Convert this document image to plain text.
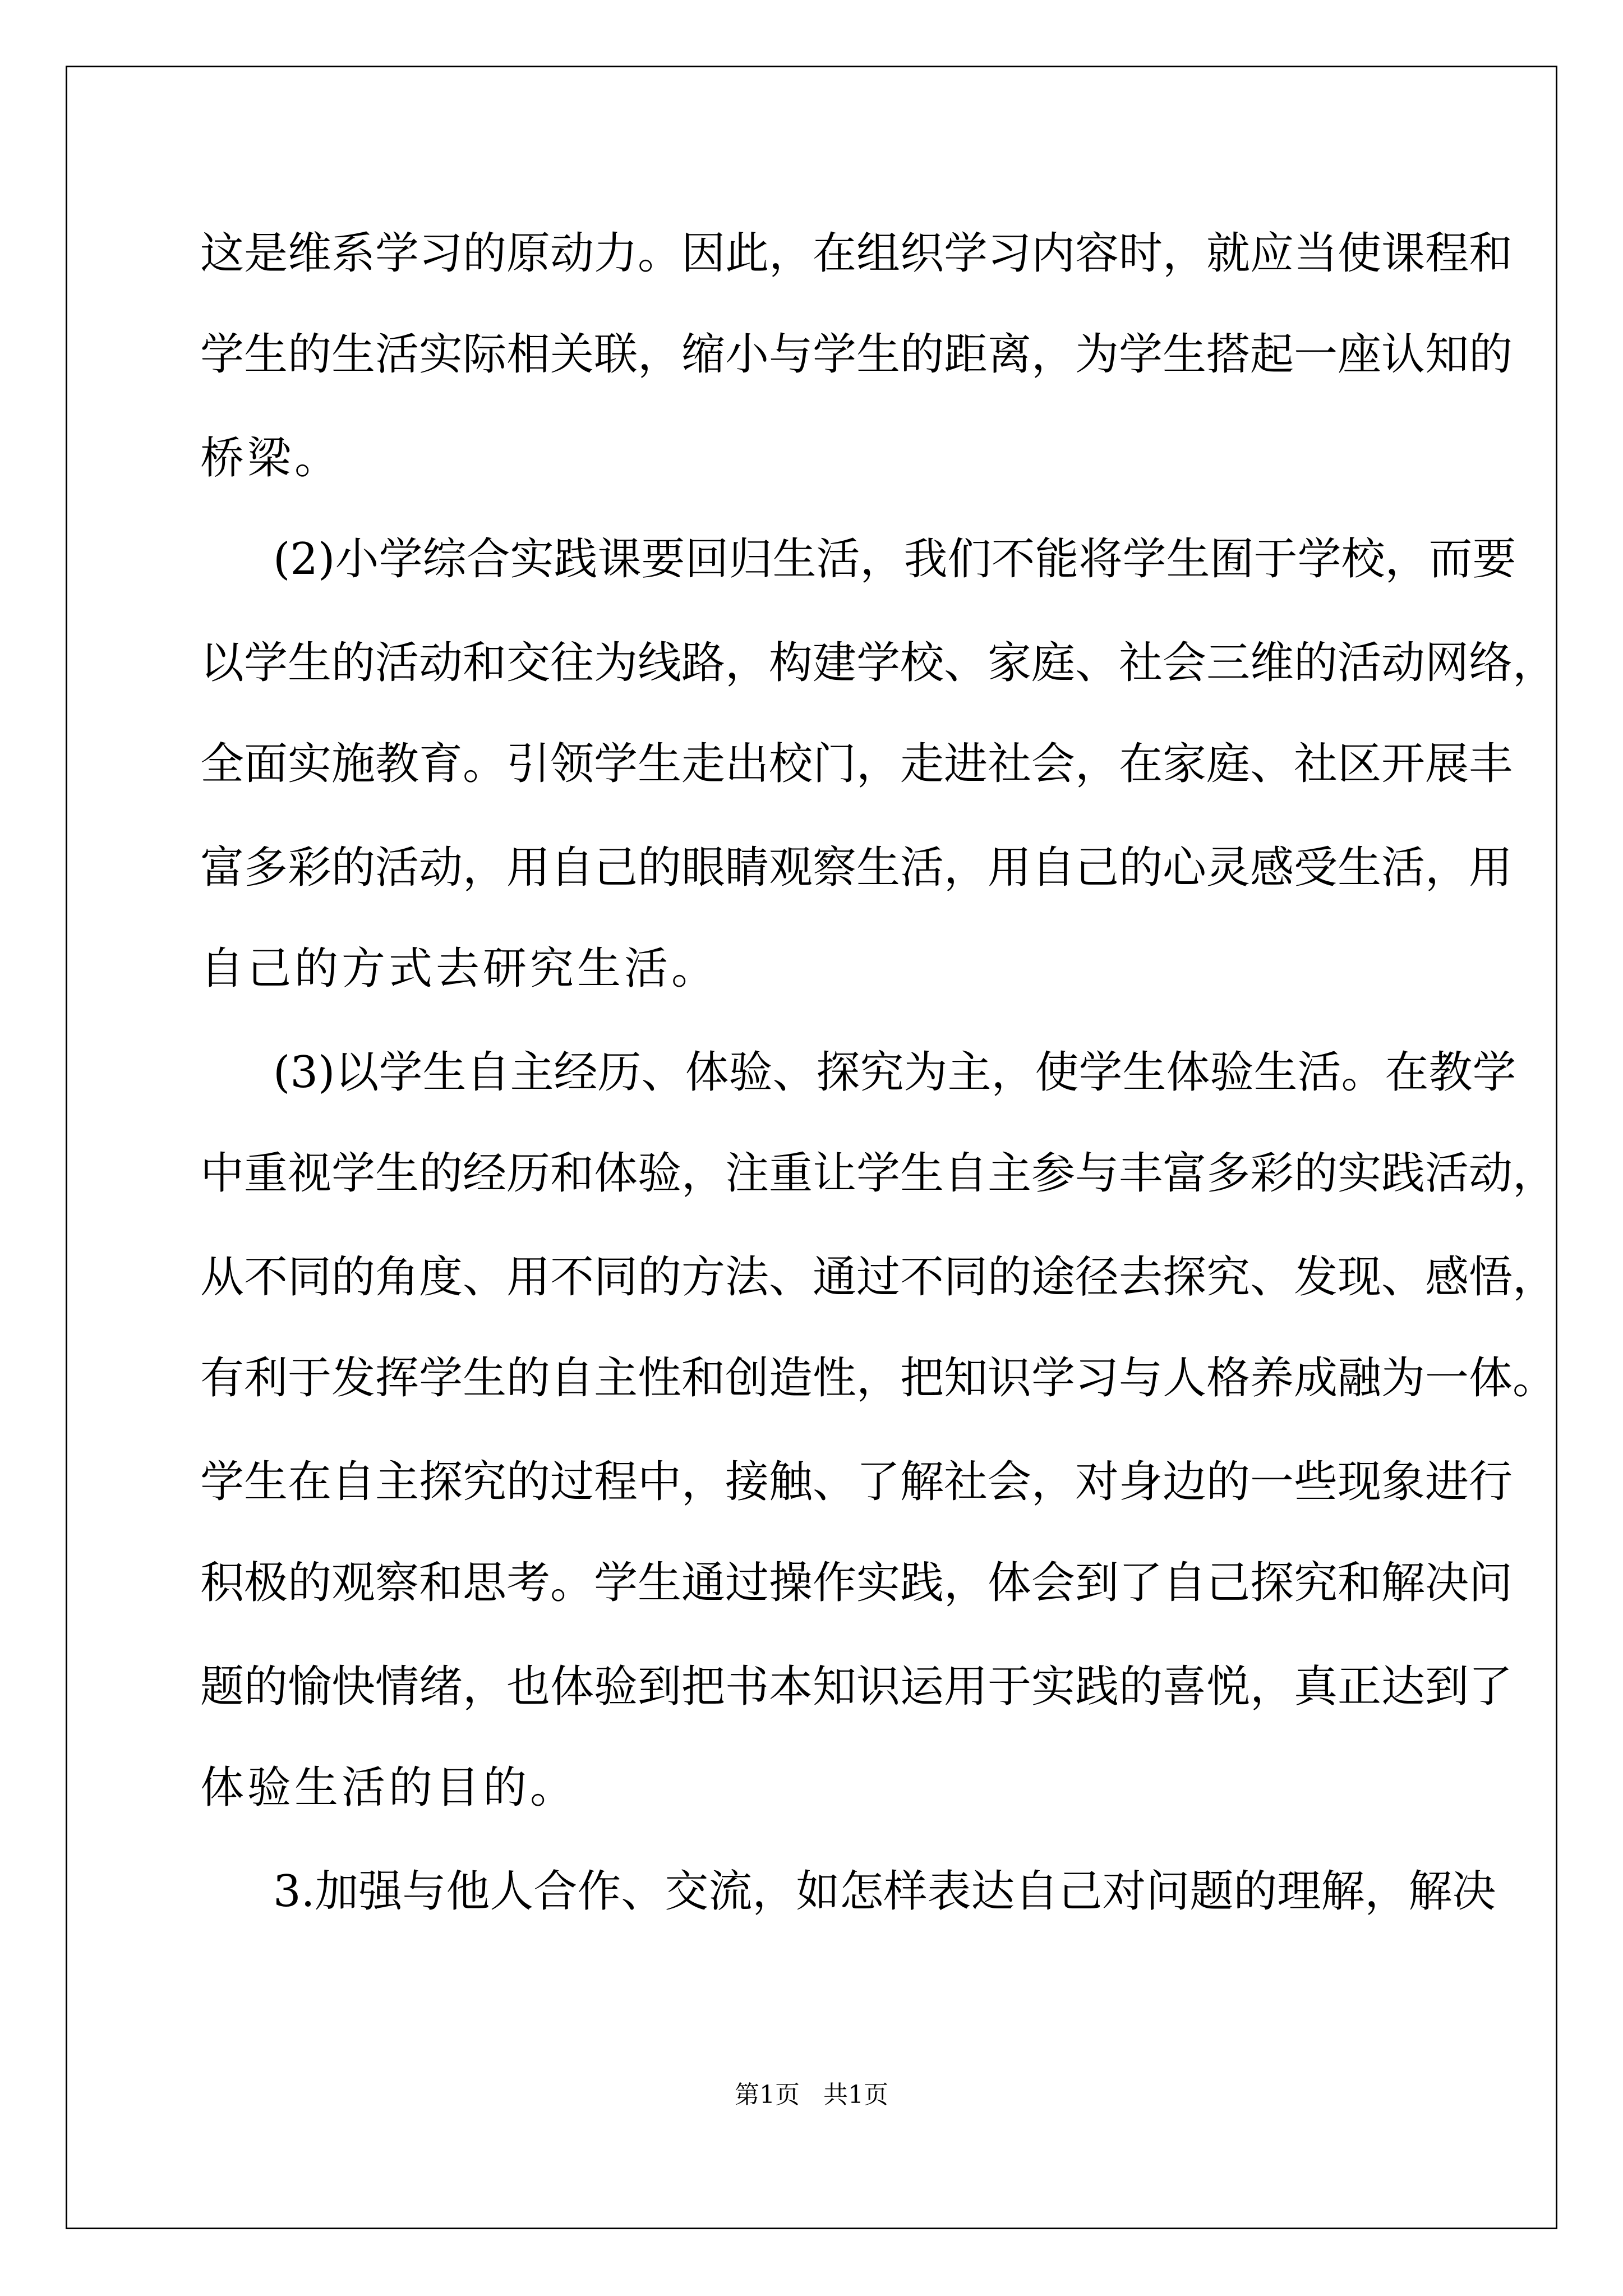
这是维系学习的原动力。因此，在组织学习内容时，就应当使课程和
学生的生活实际相关联，缩小与学生的距离，为学生搭起一座认知的
桥梁。
(2)小学综合实践课要回归生活，我们不能将学生囿于学校，而要
以学生的活动和交往为线路，构建学校、家庭、社会三维的活动网络，
全面实施教育。引领学生走出校门，走进社会，在家庭、社区开展丰
富多彩的活动，用自己的眼睛观察生活，用自己的心灵感受生活，用
自己的方式去研究生活。
(3)以学生自主经历、体验、探究为主，使学生体验生活。在教学
中重视学生的经历和体验，注重让学生自主参与丰富多彩的实践活动，
从不同的角度、用不同的方法、通过不同的途径去探究、发现、感悟，
有利于发挥学生的自主性和创造性，把知识学习与人格养成融为一体。
学生在自主探究的过程中，接触、了解社会，对身边的一些现象进行
积极的观察和思考。学生通过操作实践，体会到了自己探究和解决问
题的愉快情绪，也体验到把书本知识运用于实践的喜悦，真正达到了
体验生活的目的。
3.加强与他人合作、交流，如怎样表达自己对问题的理解，解决
第1页   共1页
